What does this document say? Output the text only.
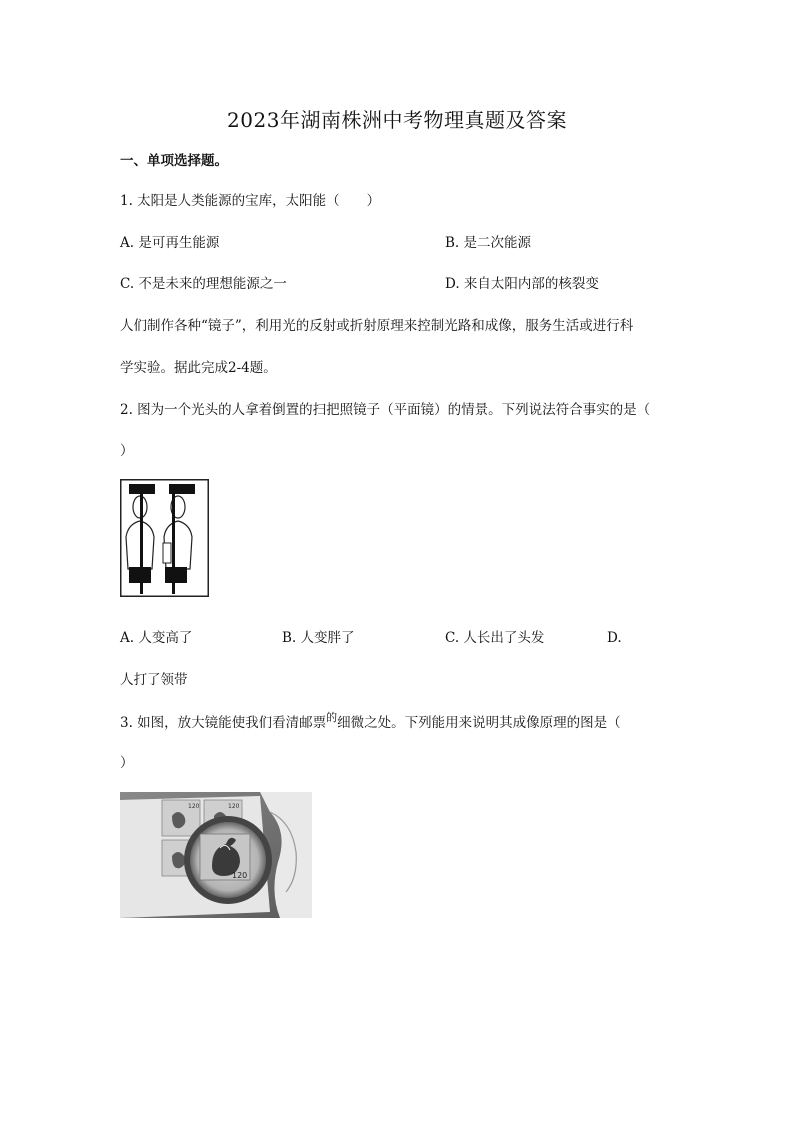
2023年湖南株洲中考物理真题及答案
一、单项选择题。
1. 太阳是人类能源的宝库，太阳能（　　）
A. 是可再生能源	B. 是二次能源
C. 不是未来的理想能源之一	D. 来自太阳内部的核裂变
人们制作各种“镜子”，利用光的反射或折射原理来控制光路和成像，服务生活或进行科
学实验。据此完成2-4题。
2. 图为一个光头的人拿着倒置的扫把照镜子（平面镜）的情景。下列说法符合事实的是（
）
A. 人变高了	B. 人变胖了	C. 人长出了头发	D.
人打了领带
3. 如图，放大镜能使我们看清邮票$^的$细微之处。下列能用来说明其成像原理的图是（
）
120	120
120
